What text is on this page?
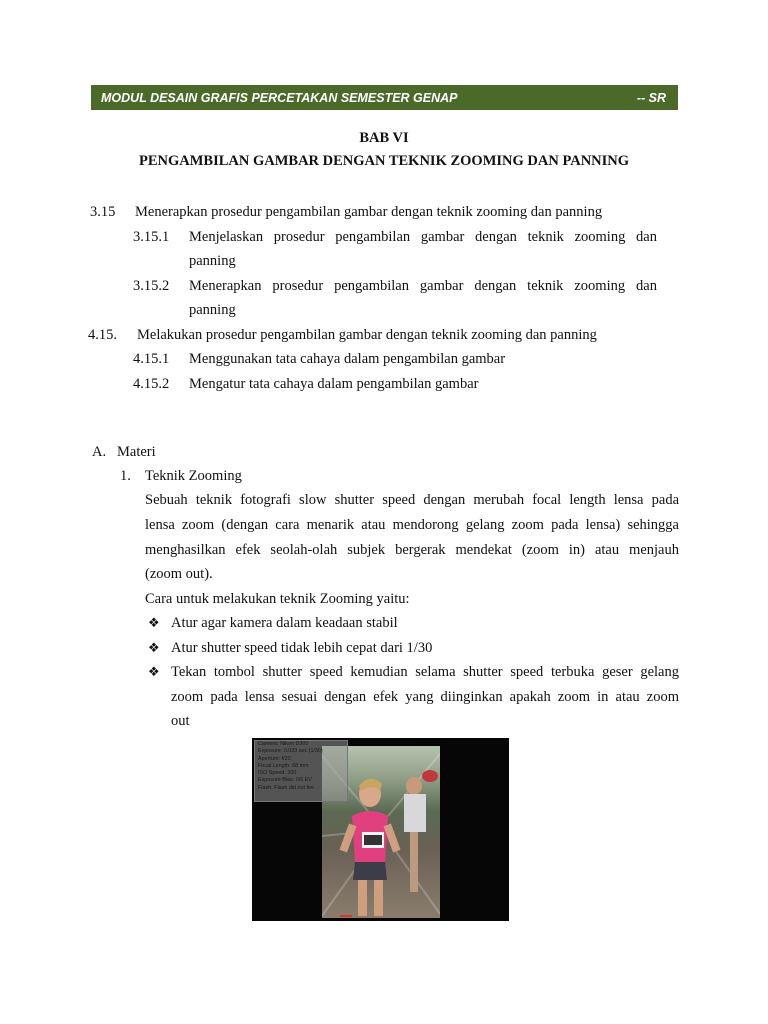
MODUL DESAIN GRAFIS PERCETAKAN SEMESTER GENAP	-- SR
BAB VI
PENGAMBILAN GAMBAR DENGAN TEKNIK ZOOMING DAN PANNING
3.15 Menerapkan prosedur pengambilan gambar dengan teknik zooming dan panning
3.15.1 Menjelaskan prosedur pengambilan gambar dengan teknik zooming dan
panning
3.15.2 Menerapkan prosedur pengambilan gambar dengan teknik zooming dan
panning
4.15. Melakukan prosedur pengambilan gambar dengan teknik zooming dan panning
4.15.1 Menggunakan tata cahaya dalam pengambilan gambar
4.15.2 Mengatur tata cahaya dalam pengambilan gambar
A. Materi
1. Teknik Zooming
Sebuah teknik fotografi slow shutter speed dengan merubah focal length lensa pada
lensa zoom (dengan cara menarik atau mendorong gelang zoom pada lensa) sehingga
menghasilkan efek seolah-olah subjek bergerak mendekat (zoom in) atau menjauh
(zoom out).
Cara untuk melakukan teknik Zooming yaitu:
❖ Atur agar kamera dalam keadaan stabil
❖ Atur shutter speed tidak lebih cepat dari 1/30
❖ Tekan tombol shutter speed kemudian selama shutter speed terbuka geser gelang
zoom pada lensa sesuai dengan efek yang diinginkan apakah zoom in atau zoom
out
Camera: Nikon D300
Exposure: 0.033 sec (1/30)
Aperture: f/20
Focal Length: 68 mm
ISO Speed: 200
Exposure Bias: 0/6 EV
Flash: Flash did not fire
